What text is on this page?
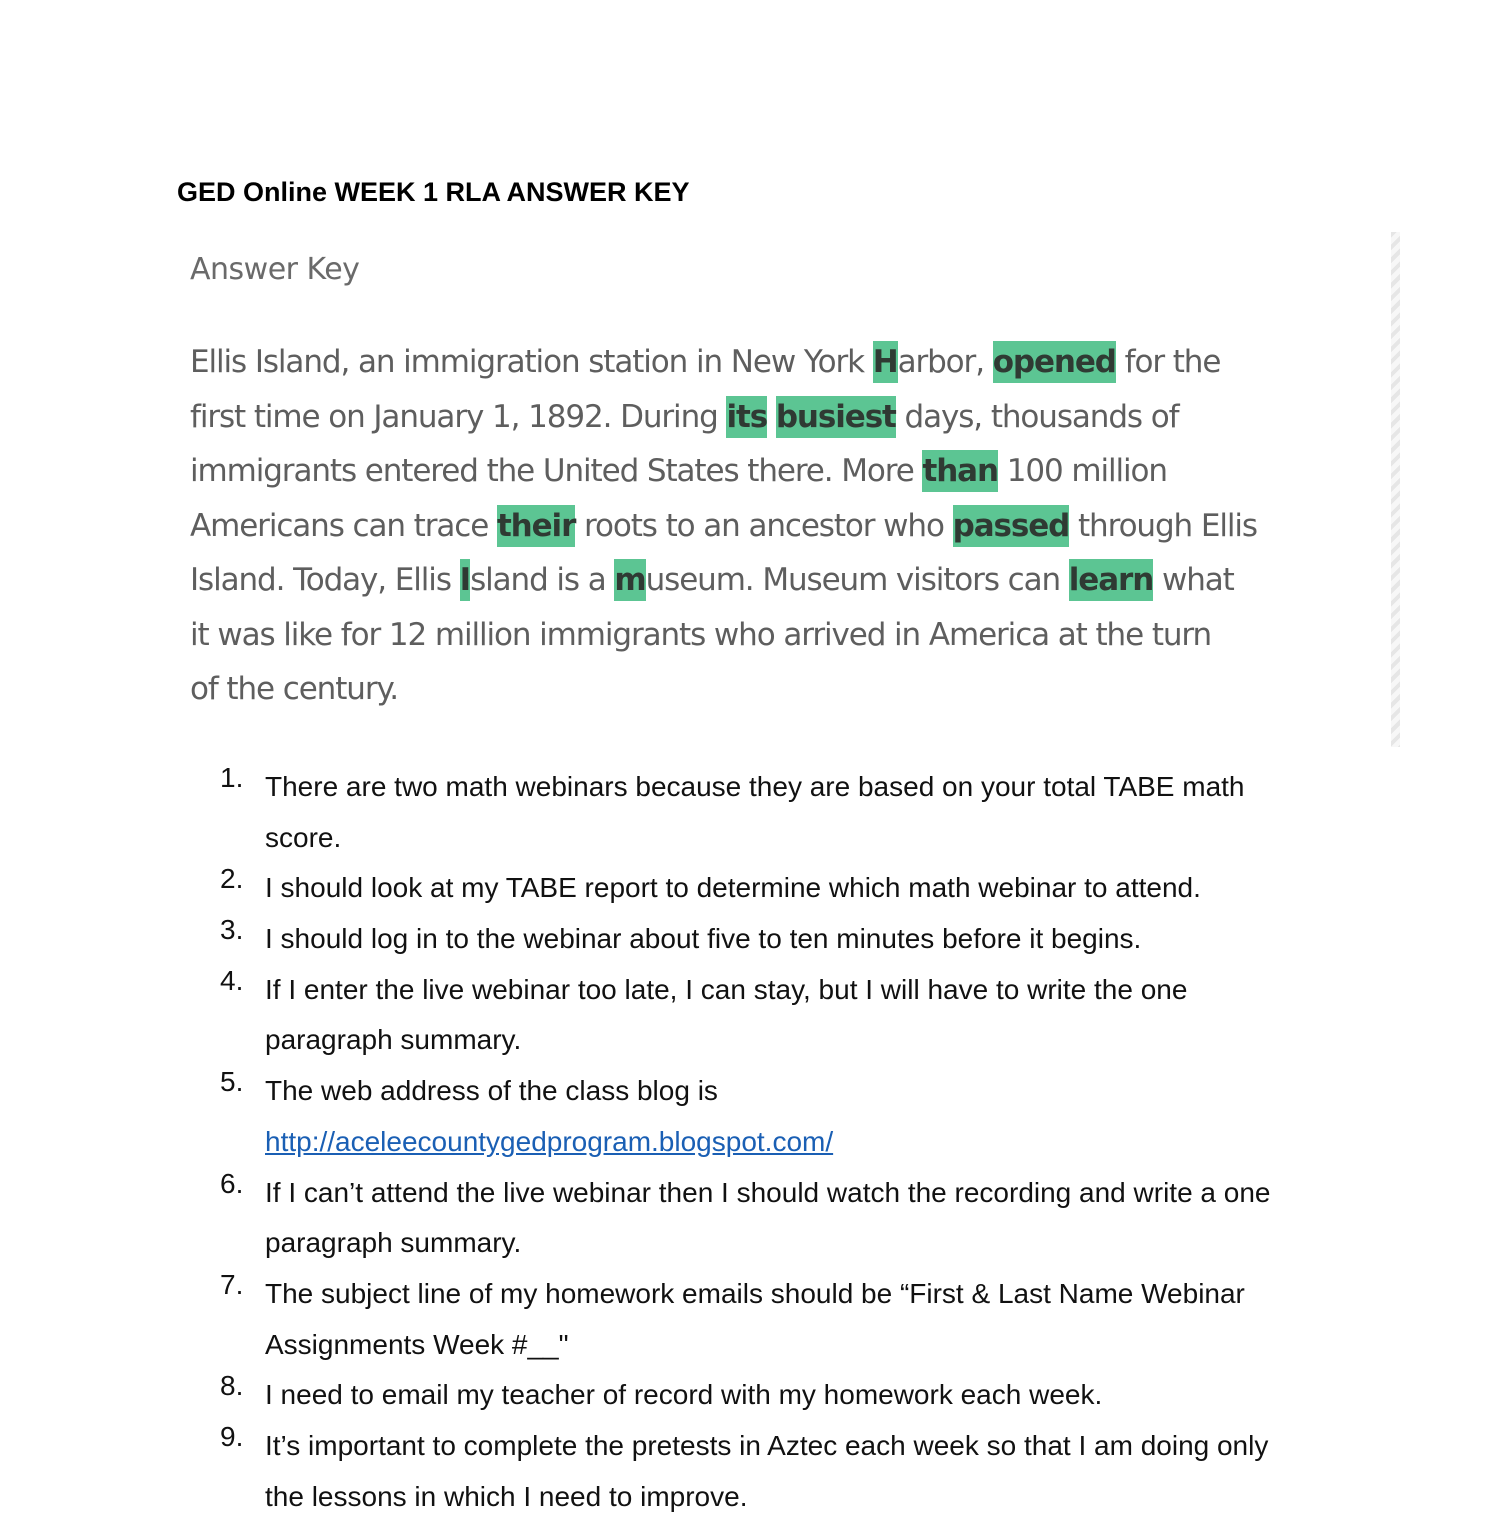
GED Online WEEK 1 RLA ANSWER KEY
Answer Key
Ellis Island, an immigration station in New York Harbor, opened for the
first time on January 1, 1892. During its busiest days, thousands of
immigrants entered the United States there. More than 100 million
Americans can trace their roots to an ancestor who passed through Ellis
Island. Today, Ellis Island is a museum. Museum visitors can learn what
it was like for 12 million immigrants who arrived in America at the turn
of the century.
1. There are two math webinars because they are based on your total TABE math
score.
2. I should look at my TABE report to determine which math webinar to attend.
3. I should log in to the webinar about five to ten minutes before it begins.
4. If I enter the live webinar too late, I can stay, but I will have to write the one
paragraph summary.
5. The web address of the class blog is
http://aceleecountygedprogram.blogspot.com/
6. If I can’t attend the live webinar then I should watch the recording and write a one
paragraph summary.
7. The subject line of my homework emails should be “First & Last Name Webinar
Assignments Week #__"
8. I need to email my teacher of record with my homework each week.
9. It’s important to complete the pretests in Aztec each week so that I am doing only
the lessons in which I need to improve.
